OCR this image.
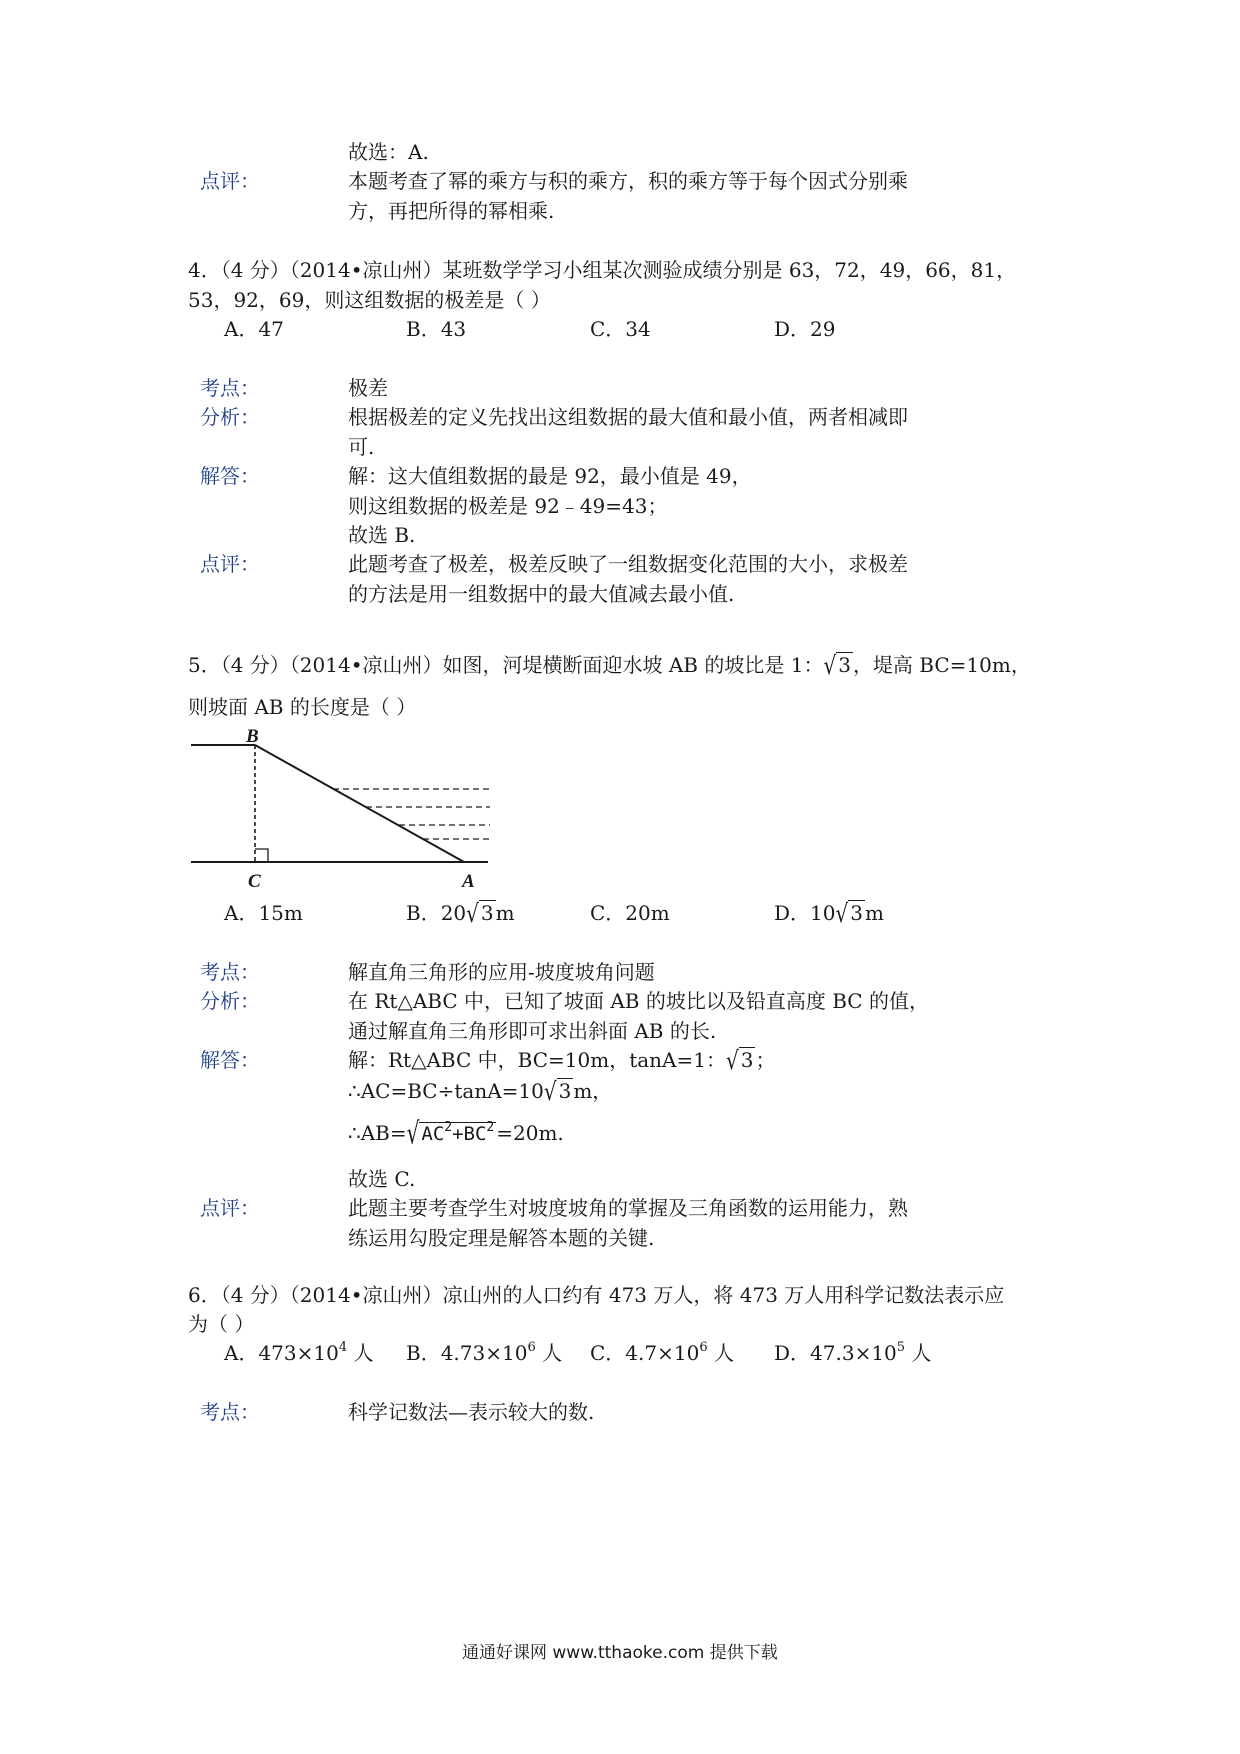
故选：A.
点评：	本题考查了幂的乘方与积的乘方，积的乘方等于每个因式分别乘
方，再把所得的幂相乘.
4．（4 分）（2014•凉山州）某班数学学习小组某次测验成绩分别是 63，72，49，66，81，
53，92，69，则这组数据的极差是（ ）
A．47	B．43	C．34	D．29
考点：	极差
分析：	根据极差的定义先找出这组数据的最大值和最小值，两者相减即
可.
解答：	解：这大值组数据的最是 92，最小值是 49，
则这组数据的极差是 92﹣49=43；
故选 B.
点评：	此题考查了极差，极差反映了一组数据变化范围的大小，求极差
的方法是用一组数据中的最大值减去最小值.
5．（4 分）（2014•凉山州）如图，河堤横断面迎水坡 AB 的坡比是 1：√ 3 ，堤高 BC=10m，
则坡面 AB 的长度是（ ）
B
C	A
A．15m	B．20√ 3 m	C．20m	D．10√ 3 m
考点：	解直角三角形的应用-坡度坡角问题
分析：	在 Rt△ABC 中，已知了坡面 AB 的坡比以及铅直高度 BC 的值，
通过解直角三角形即可求出斜面 AB 的长.
解答：	解：Rt△ABC 中，BC=10m，tanA=1：√ 3 ；
∴AC=BC÷tanA=10√ 3 m，
∴AB=√ $AC^2+BC^2 =20m$.
故选 C.
点评：	此题主要考查学生对坡度坡角的掌握及三角函数的运用能力，熟
练运用勾股定理是解答本题的关键.
6．（4 分）（2014•凉山州）凉山州的人口约有 473 万人，将 473 万人用科学记数法表示应
为（ ）
A．$473\times 10^4$ 人 B．$4.73\times 10^6$ 人 C．$4.7\times 10^6$ 人 D．$47.3\times 10^5$ 人
考点：	科学记数法—表示较大的数.
通通好课网 www.tthaoke.com 提供下载
